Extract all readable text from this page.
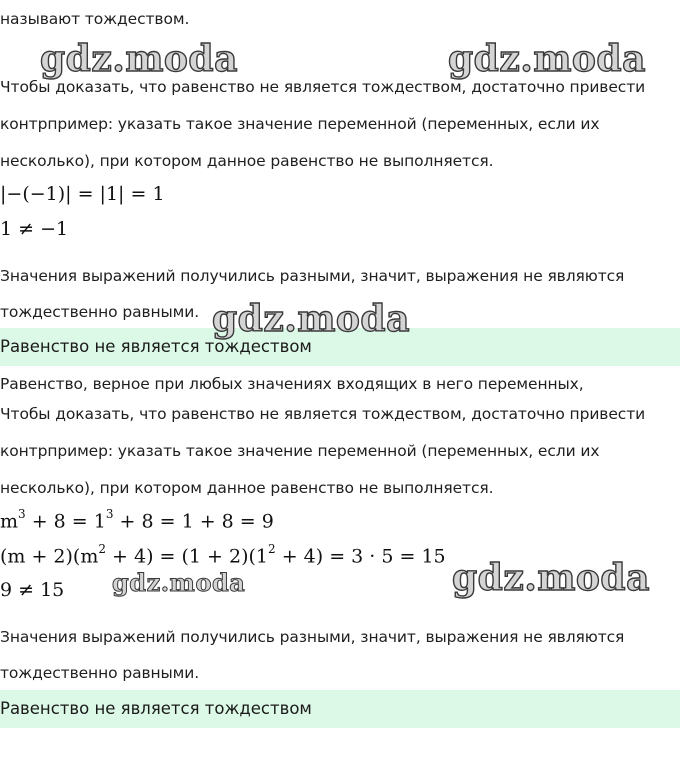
называют тождеством.
gdz.moda	gdz.moda
Чтобы доказать, что равенство не является тождеством, достаточно привести
контрпример: указать такое значение переменной (переменных, если их
несколько), при котором данное равенство не выполняется.
|−(−1)| = |1| = 1
1 ≠ −1
Значения выражений получились разными, значит, выражения не являются
тождественно равными.
Равенство не является тождеством
gdz.moda
Равенство, верное при любых значениях входящих в него переменных,
Чтобы доказать, что равенство не является тождеством, достаточно привести
контрпример: указать такое значение переменной (переменных, если их
несколько), при котором данное равенство не выполняется.
$m^3 + 8 = 1^3 + 8 = 1 + 8 = 9$
$(m + 2)(m^2 + 4) = (1 + 2)(1^2 + 4) = 3 \cdot 5 = 15$
9 ≠ 15 gdz.moda	gdz.moda
Значения выражений получились разными, значит, выражения не являются
тождественно равными.
Равенство не является тождеством
